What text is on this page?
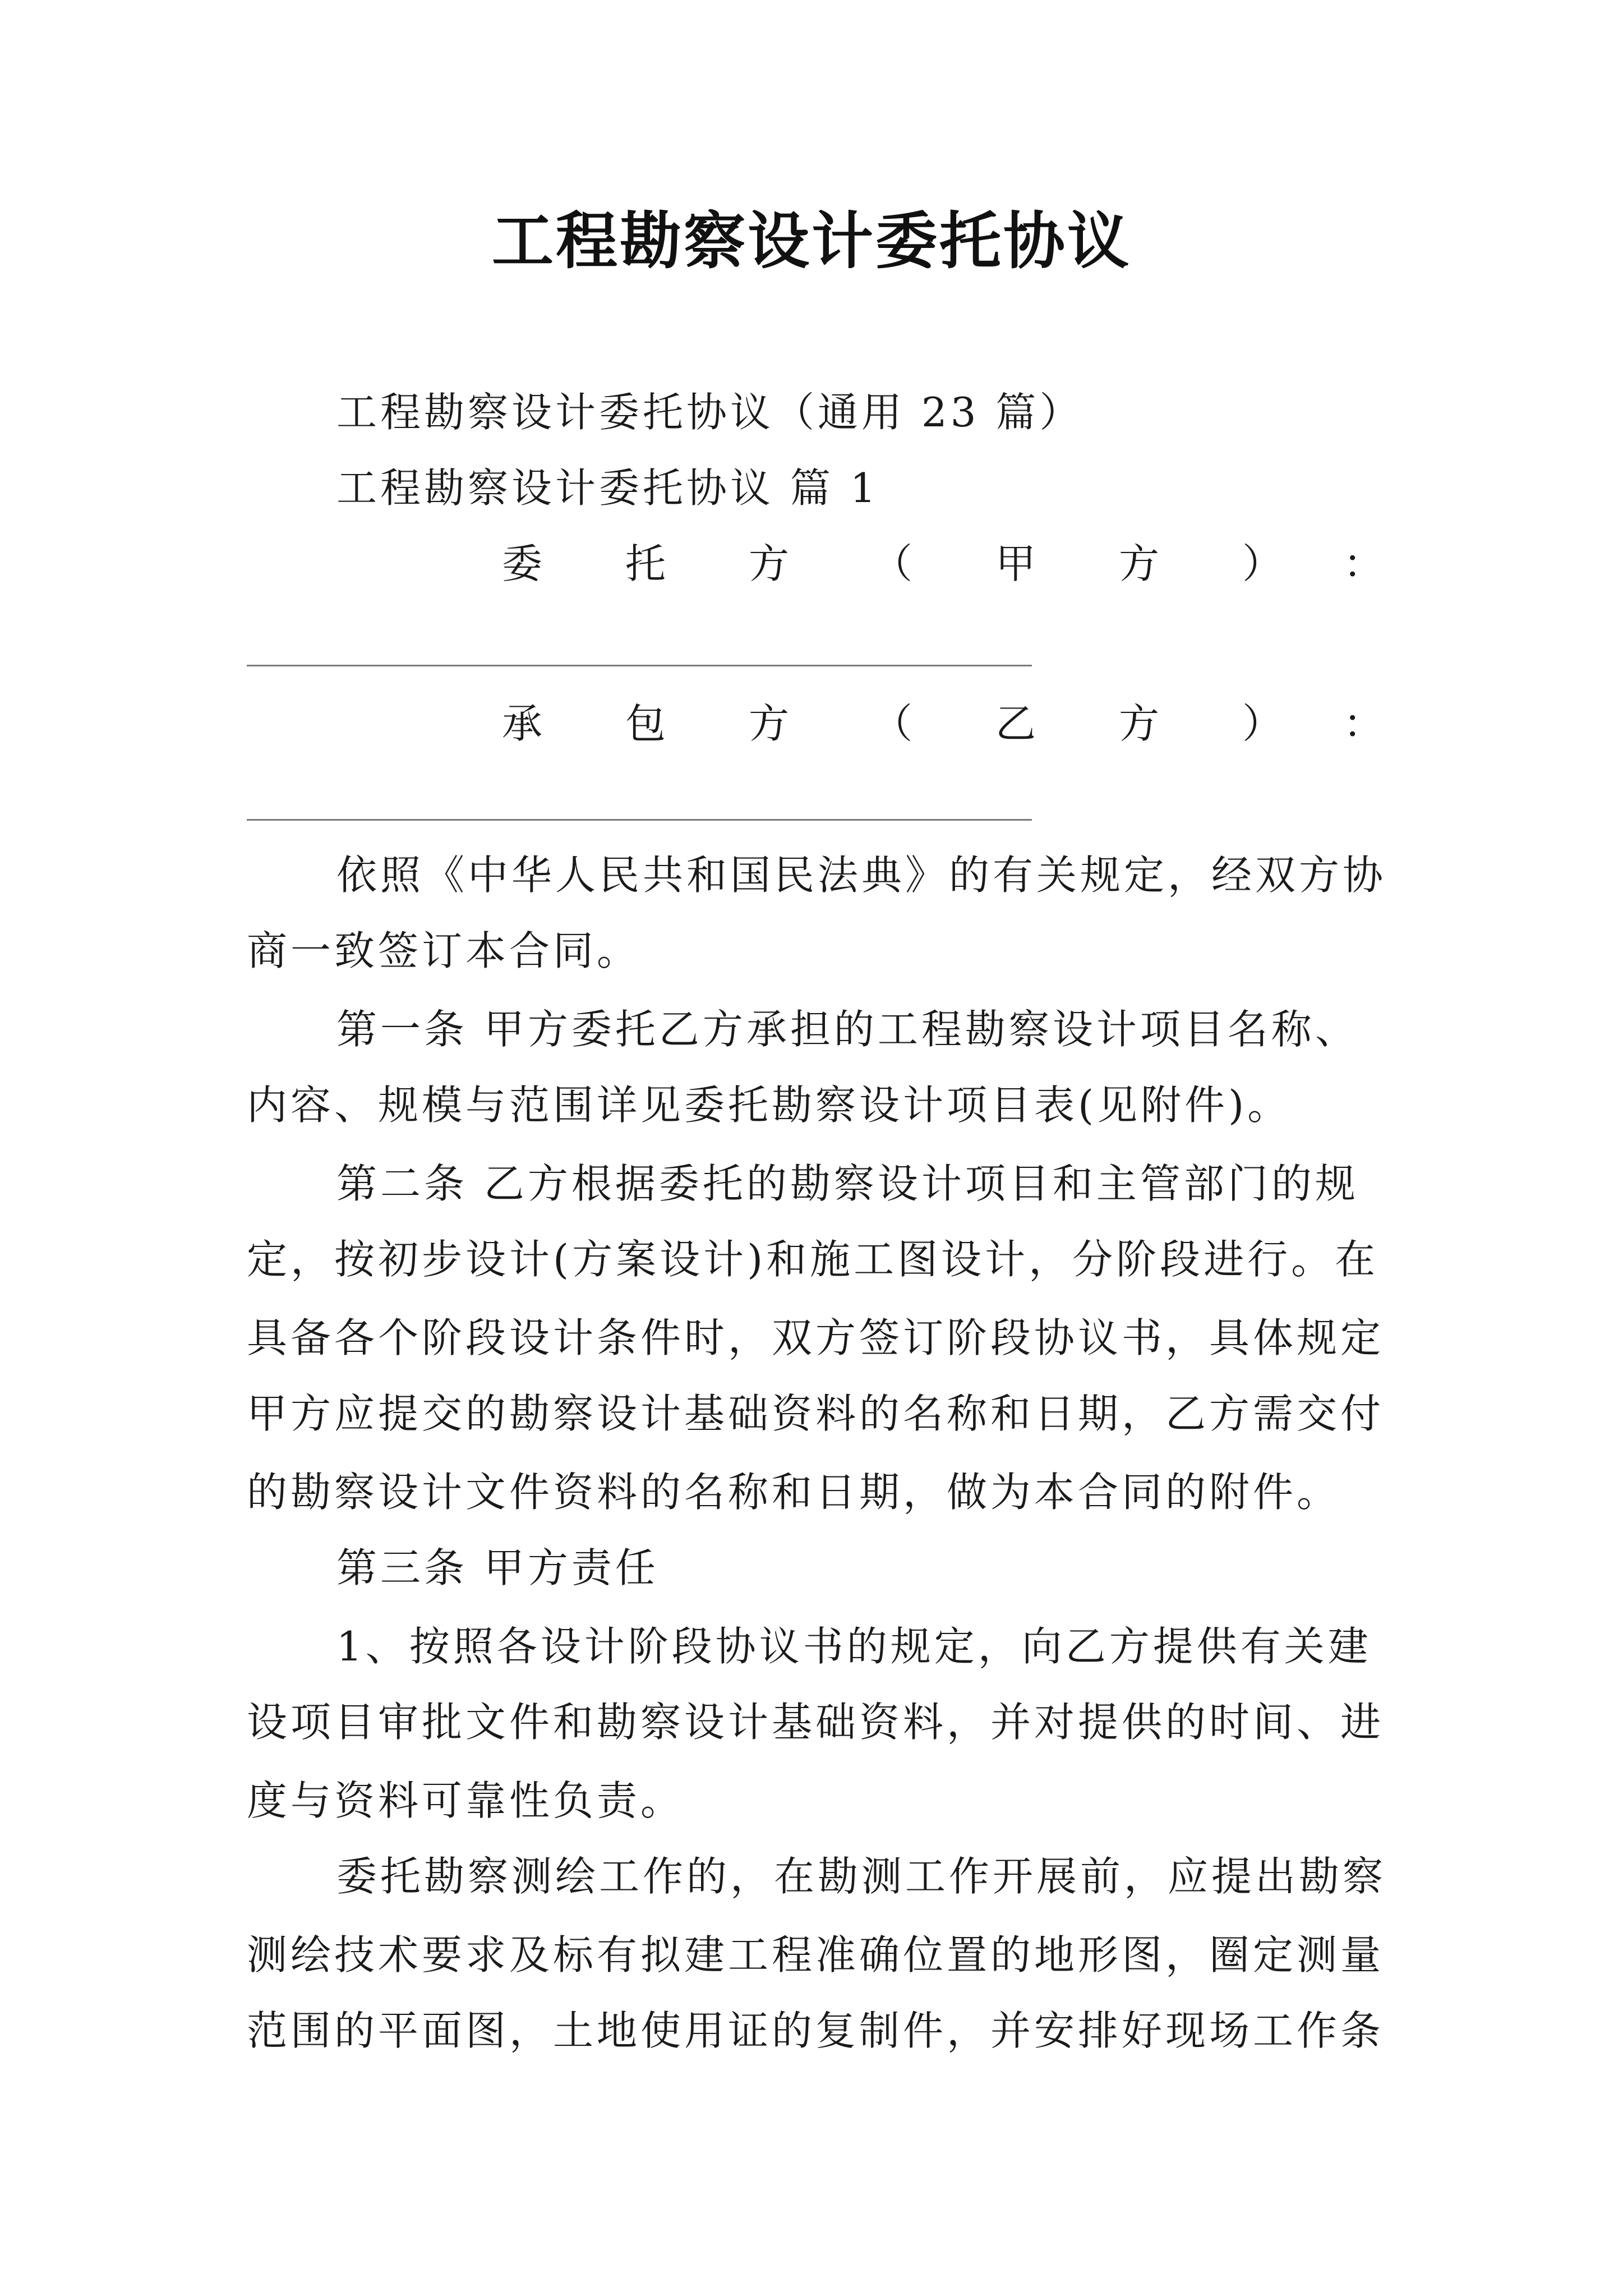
工程勘察设计委托协议
工程勘察设计委托协议（通用 23 篇）
工程勘察设计委托协议 篇 1
委 托 方 （ 甲 方 ） ：
承 包 方 （ 乙 方 ） ：
依照《中华人民共和国民法典》的有关规定，经双方协
商一致签订本合同。
第一条 甲方委托乙方承担的工程勘察设计项目名称、
内容、规模与范围详见委托勘察设计项目表(见附件)。
第二条 乙方根据委托的勘察设计项目和主管部门的规
定，按初步设计(方案设计)和施工图设计，分阶段进行。在
具备各个阶段设计条件时，双方签订阶段协议书，具体规定
甲方应提交的勘察设计基础资料的名称和日期，乙方需交付
的勘察设计文件资料的名称和日期，做为本合同的附件。
第三条 甲方责任
1、按照各设计阶段协议书的规定，向乙方提供有关建
设项目审批文件和勘察设计基础资料，并对提供的时间、进
度与资料可靠性负责。
委托勘察测绘工作的，在勘测工作开展前，应提出勘察
测绘技术要求及标有拟建工程准确位置的地形图，圈定测量
范围的平面图，土地使用证的复制件，并安排好现场工作条
